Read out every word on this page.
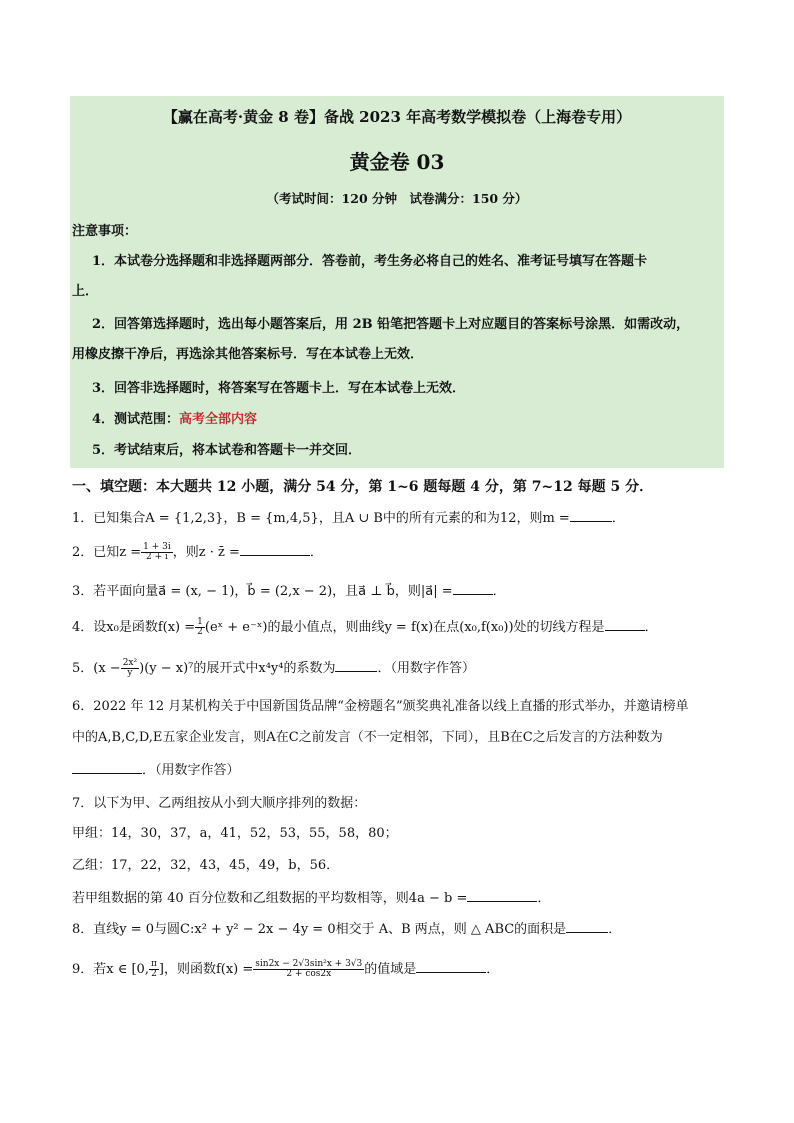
【赢在高考·黄金 8 卷】备战 2023 年高考数学模拟卷（上海卷专用）
黄金卷 03
（考试时间：120 分钟　试卷满分：150 分）
注意事项：
1．本试卷分选择题和非选择题两部分．答卷前，考生务必将自己的姓名、准考证号填写在答题卡
上．
2．回答第选择题时，选出每小题答案后，用 2B 铅笔把答题卡上对应题目的答案标号涂黑．如需改动，
用橡皮擦干净后，再选涂其他答案标号．写在本试卷上无效．
3．回答非选择题时，将答案写在答题卡上．写在本试卷上无效．
4．测试范围：高考全部内容
5．考试结束后，将本试卷和答题卡一并交回．
一、填空题：本大题共 12 小题，满分 54 分，第 1~6 题每题 4 分，第 7~12 每题 5 分．
1．已知集合A = {1,2,3}，B = {m,4,5}，且A ∪ B中的所有元素的和为12，则m =	．
2．已知$z = \frac{1 + 3i}{2 + i}$ ，则z · z̄ =	．
3．若平面向量a⃗ = (x, − 1)，b⃗ = (2,x − 2)，且a⃗ ⊥ b⃗，则|a⃗| =	．
4．设x₀是函数$f(x) = \frac{1}{2}$ (eˣ + e⁻ˣ)的最小值点，则曲线y = f(x)在点(x₀,f(x₀))处的切线方程是	．
5．$(x - \frac{\text{2x²}}{y} )(y - x)^7$的展开式中x⁴y⁴的系数为	．（用数字作答）
6．2022 年 12 月某机构关于中国新国货品牌“金榜题名”颁奖典礼准备以线上直播的形式举办，并邀请榜单
中的A,B,C,D,E五家企业发言，则A在C之前发言（不一定相邻，下同），且B在C之后发言的方法种数为
．（用数字作答）
7．以下为甲、乙两组按从小到大顺序排列的数据：
甲组：14，30，37，a，41，52，53，55，58，80；
乙组：17，22，32，43，45，49，b，56．
若甲组数据的第 40 百分位数和乙组数据的平均数相等，则4a − b =	．
8．直线y = 0与圆C:x² + y² − 2x − 4y = 0相交于 A、B 两点，则 △ ABC的面积是	．
9．若x ∈ [0, $\frac{\pi}{2}$ ]，则函数$f(x) = \frac{\text{sin2x − 2√3sin²x + 3√3}}{2 + \cos 2x}$ 的值域是	．
